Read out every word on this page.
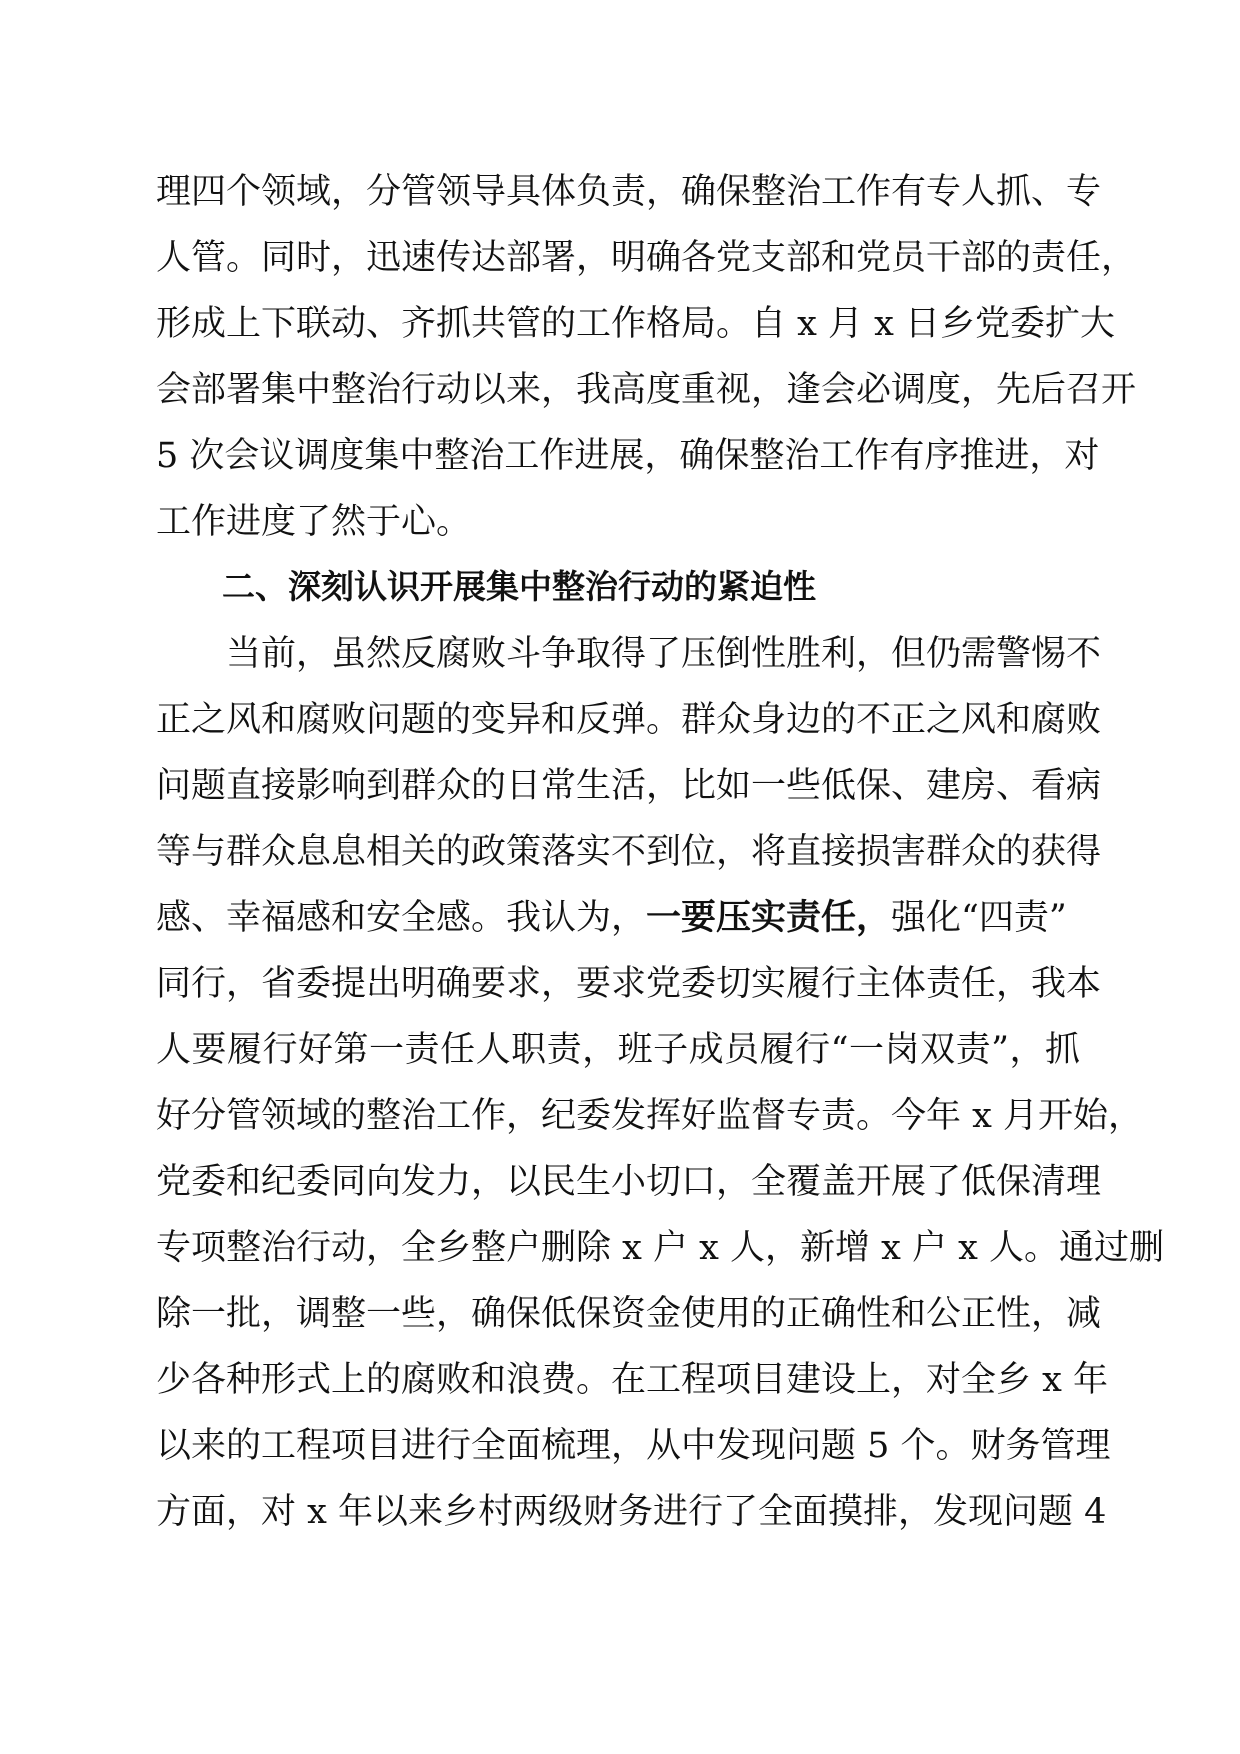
理四个领域，分管领导具体负责，确保整治工作有专人抓、专
人管。同时，迅速传达部署，明确各党支部和党员干部的责任，
形成上下联动、齐抓共管的工作格局。自 x 月 x 日乡党委扩大
会部署集中整治行动以来，我高度重视，逢会必调度，先后召开
5 次会议调度集中整治工作进展，确保整治工作有序推进，对
工作进度了然于心。
二、深刻认识开展集中整治行动的紧迫性
当前，虽然反腐败斗争取得了压倒性胜利，但仍需警惕不
正之风和腐败问题的变异和反弹。群众身边的不正之风和腐败
问题直接影响到群众的日常生活，比如一些低保、建房、看病
等与群众息息相关的政策落实不到位，将直接损害群众的获得
感、幸福感和安全感。我认为，一要压实责任，强化“四责”
同行，省委提出明确要求，要求党委切实履行主体责任，我本
人要履行好第一责任人职责，班子成员履行“一岗双责”，抓
好分管领域的整治工作，纪委发挥好监督专责。今年 x 月开始，
党委和纪委同向发力，以民生小切口，全覆盖开展了低保清理
专项整治行动，全乡整户删除 x 户 x 人，新增 x 户 x 人。通过删
除一批，调整一些，确保低保资金使用的正确性和公正性，减
少各种形式上的腐败和浪费。在工程项目建设上，对全乡 x 年
以来的工程项目进行全面梳理，从中发现问题 5 个。财务管理
方面，对 x 年以来乡村两级财务进行了全面摸排，发现问题 4
